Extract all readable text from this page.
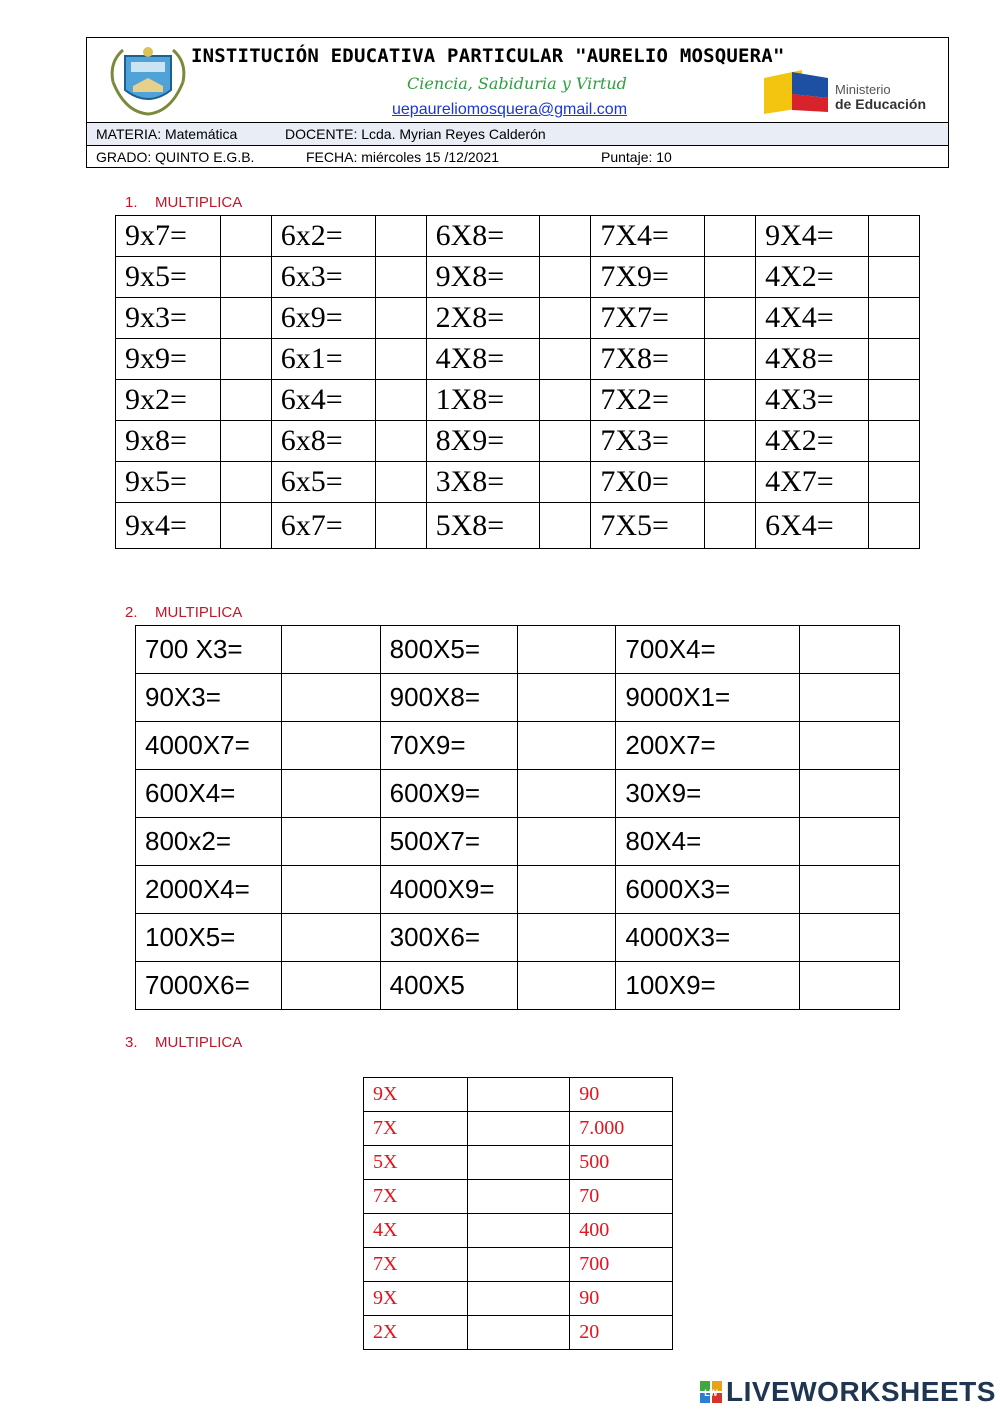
INSTITUCIÓN EDUCATIVA PARTICULAR "AURELIO MOSQUERA"
Ciencia, Sabiduria y Virtud
uepaureliomosquera@gmail.com
Ministerio
de Educación
MATERIA: Matemática	DOCENTE: Lcda. Myrian Reyes Calderón
GRADO: QUINTO E.G.B.	FECHA: miércoles 15 /12/2021	Puntaje: 10
1. MULTIPLICA
9x7=		6x2=		6X8=		7X4=		9X4=	
9x5=		6x3=		9X8=		7X9=		4X2=	
9x3=		6x9=		2X8=		7X7=		4X4=	
9x9=		6x1=		4X8=		7X8=		4X8=	
9x2=		6x4=		1X8=		7X2=		4X3=	
9x8=		6x8=		8X9=		7X3=		4X2=	
9x5=		6x5=		3X8=		7X0=		4X7=	
9x4=		6x7=		5X8=		7X5=		6X4=	
2. MULTIPLICA
700 X3=		800X5=		700X4=	
90X3=		900X8=		9000X1=	
4000X7=		70X9=		200X7=	
600X4=		600X9=		30X9=	
800x2=		500X7=		80X4=	
2000X4=		4000X9=		6000X3=	
100X5=		300X6=		4000X3=	
7000X6=		400X5		100X9=	
3. MULTIPLICA
9X		90
7X		7.000
5X		500
7X		70
4X		400
7X		700
9X		90
2X		20
LW LIVEWORKSHEETS
